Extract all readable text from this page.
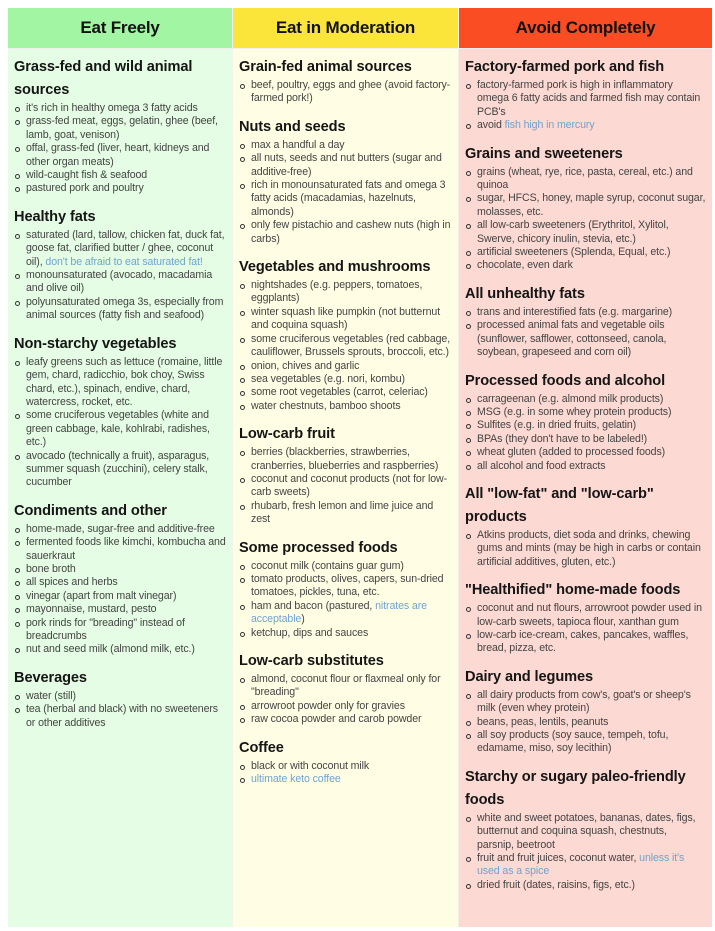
Eat Freely
Grass-fed and wild animal sources
it's rich in healthy omega 3 fatty acids
grass-fed meat, eggs, gelatin, ghee (beef, lamb, goat, venison)
offal, grass-fed (liver, heart, kidneys and other organ meats)
wild-caught fish & seafood
pastured pork and poultry
Healthy fats
saturated (lard, tallow, chicken fat, duck fat, goose fat, clarified butter / ghee, coconut oil), don't be afraid to eat saturated fat!
monounsaturated (avocado, macadamia and olive oil)
polyunsaturated omega 3s, especially from animal sources (fatty fish and seafood)
Non-starchy vegetables
leafy greens such as lettuce (romaine, little gem, chard, radicchio, bok choy, Swiss chard, etc.), spinach, endive, chard, watercress, rocket, etc.
some cruciferous vegetables (white and green cabbage, kale, kohlrabi, radishes, etc.)
avocado (technically a fruit), asparagus, summer squash (zucchini), celery stalk, cucumber
Condiments and other
home-made, sugar-free and additive-free
fermented foods like kimchi, kombucha and sauerkraut
bone broth
all spices and herbs
vinegar (apart from malt vinegar)
mayonnaise, mustard, pesto
pork rinds for "breading" instead of breadcrumbs
nut and seed milk (almond milk, etc.)
Beverages
water (still)
tea (herbal and black) with no sweeteners or other additives
Eat in Moderation
Grain-fed animal sources
beef, poultry, eggs and ghee (avoid factory-farmed pork!)
Nuts and seeds
max a handful a day
all nuts, seeds and nut butters (sugar and additive-free)
rich in monounsaturated fats and omega 3 fatty acids (macadamias, hazelnuts, almonds)
only few pistachio and cashew nuts (high in carbs)
Vegetables and mushrooms
nightshades (e.g. peppers, tomatoes, eggplants)
winter squash like pumpkin (not butternut and coquina squash)
some cruciferous vegetables (red cabbage, cauliflower, Brussels sprouts, broccoli, etc.)
onion, chives and garlic
sea vegetables (e.g. nori, kombu)
some root vegetables (carrot, celeriac)
water chestnuts, bamboo shoots
Low-carb fruit
berries (blackberries, strawberries, cranberries, blueberries and raspberries)
coconut and coconut products (not for low-carb sweets)
rhubarb, fresh lemon and lime juice and zest
Some processed foods
coconut milk (contains guar gum)
tomato products, olives, capers, sun-dried tomatoes, pickles, tuna, etc.
ham and bacon (pastured, nitrates are acceptable)
ketchup, dips and sauces
Low-carb substitutes
almond, coconut flour or flaxmeal only for "breading"
arrowroot powder only for gravies
raw cocoa powder and carob powder
Coffee
black or with coconut milk
ultimate keto coffee
Avoid Completely
Factory-farmed pork and fish
factory-farmed pork is high in inflammatory omega 6 fatty acids and farmed fish may contain PCB's
avoid fish high in mercury
Grains and sweeteners
grains (wheat, rye, rice, pasta, cereal, etc.) and quinoa
sugar, HFCS, honey, maple syrup, coconut sugar, molasses, etc.
all low-carb sweeteners (Erythritol, Xylitol, Swerve, chicory inulin, stevia, etc.)
artificial sweeteners (Splenda, Equal, etc.)
chocolate, even dark
All unhealthy fats
trans and interestified fats (e.g. margarine)
processed animal fats and vegetable oils (sunflower, safflower, cottonseed, canola, soybean, grapeseed and corn oil)
Processed foods and alcohol
carrageenan (e.g. almond milk products)
MSG (e.g. in some whey protein products)
Sulfites (e.g. in dried fruits, gelatin)
BPAs (they don't have to be labeled!)
wheat gluten (added to processed foods)
all alcohol and food extracts
All "low-fat" and "low-carb" products
Atkins products, diet soda and drinks, chewing gums and mints (may be high in carbs or contain artificial additives, gluten, etc.)
"Healthified" home-made foods
coconut and nut flours, arrowroot powder used in low-carb sweets, tapioca flour, xanthan gum
low-carb ice-cream, cakes, pancakes, waffles, bread, pizza, etc.
Dairy and legumes
all dairy products from cow's, goat's or sheep's milk (even whey protein)
beans, peas, lentils, peanuts
all soy products (soy sauce, tempeh, tofu, edamame, miso, soy lecithin)
Starchy or sugary paleo-friendly foods
white and sweet potatoes, bananas, dates, figs, butternut and coquina squash, chestnuts, parsnip, beetroot
fruit and fruit juices, coconut water, unless it's used as a spice
dried fruit (dates, raisins, figs, etc.)
